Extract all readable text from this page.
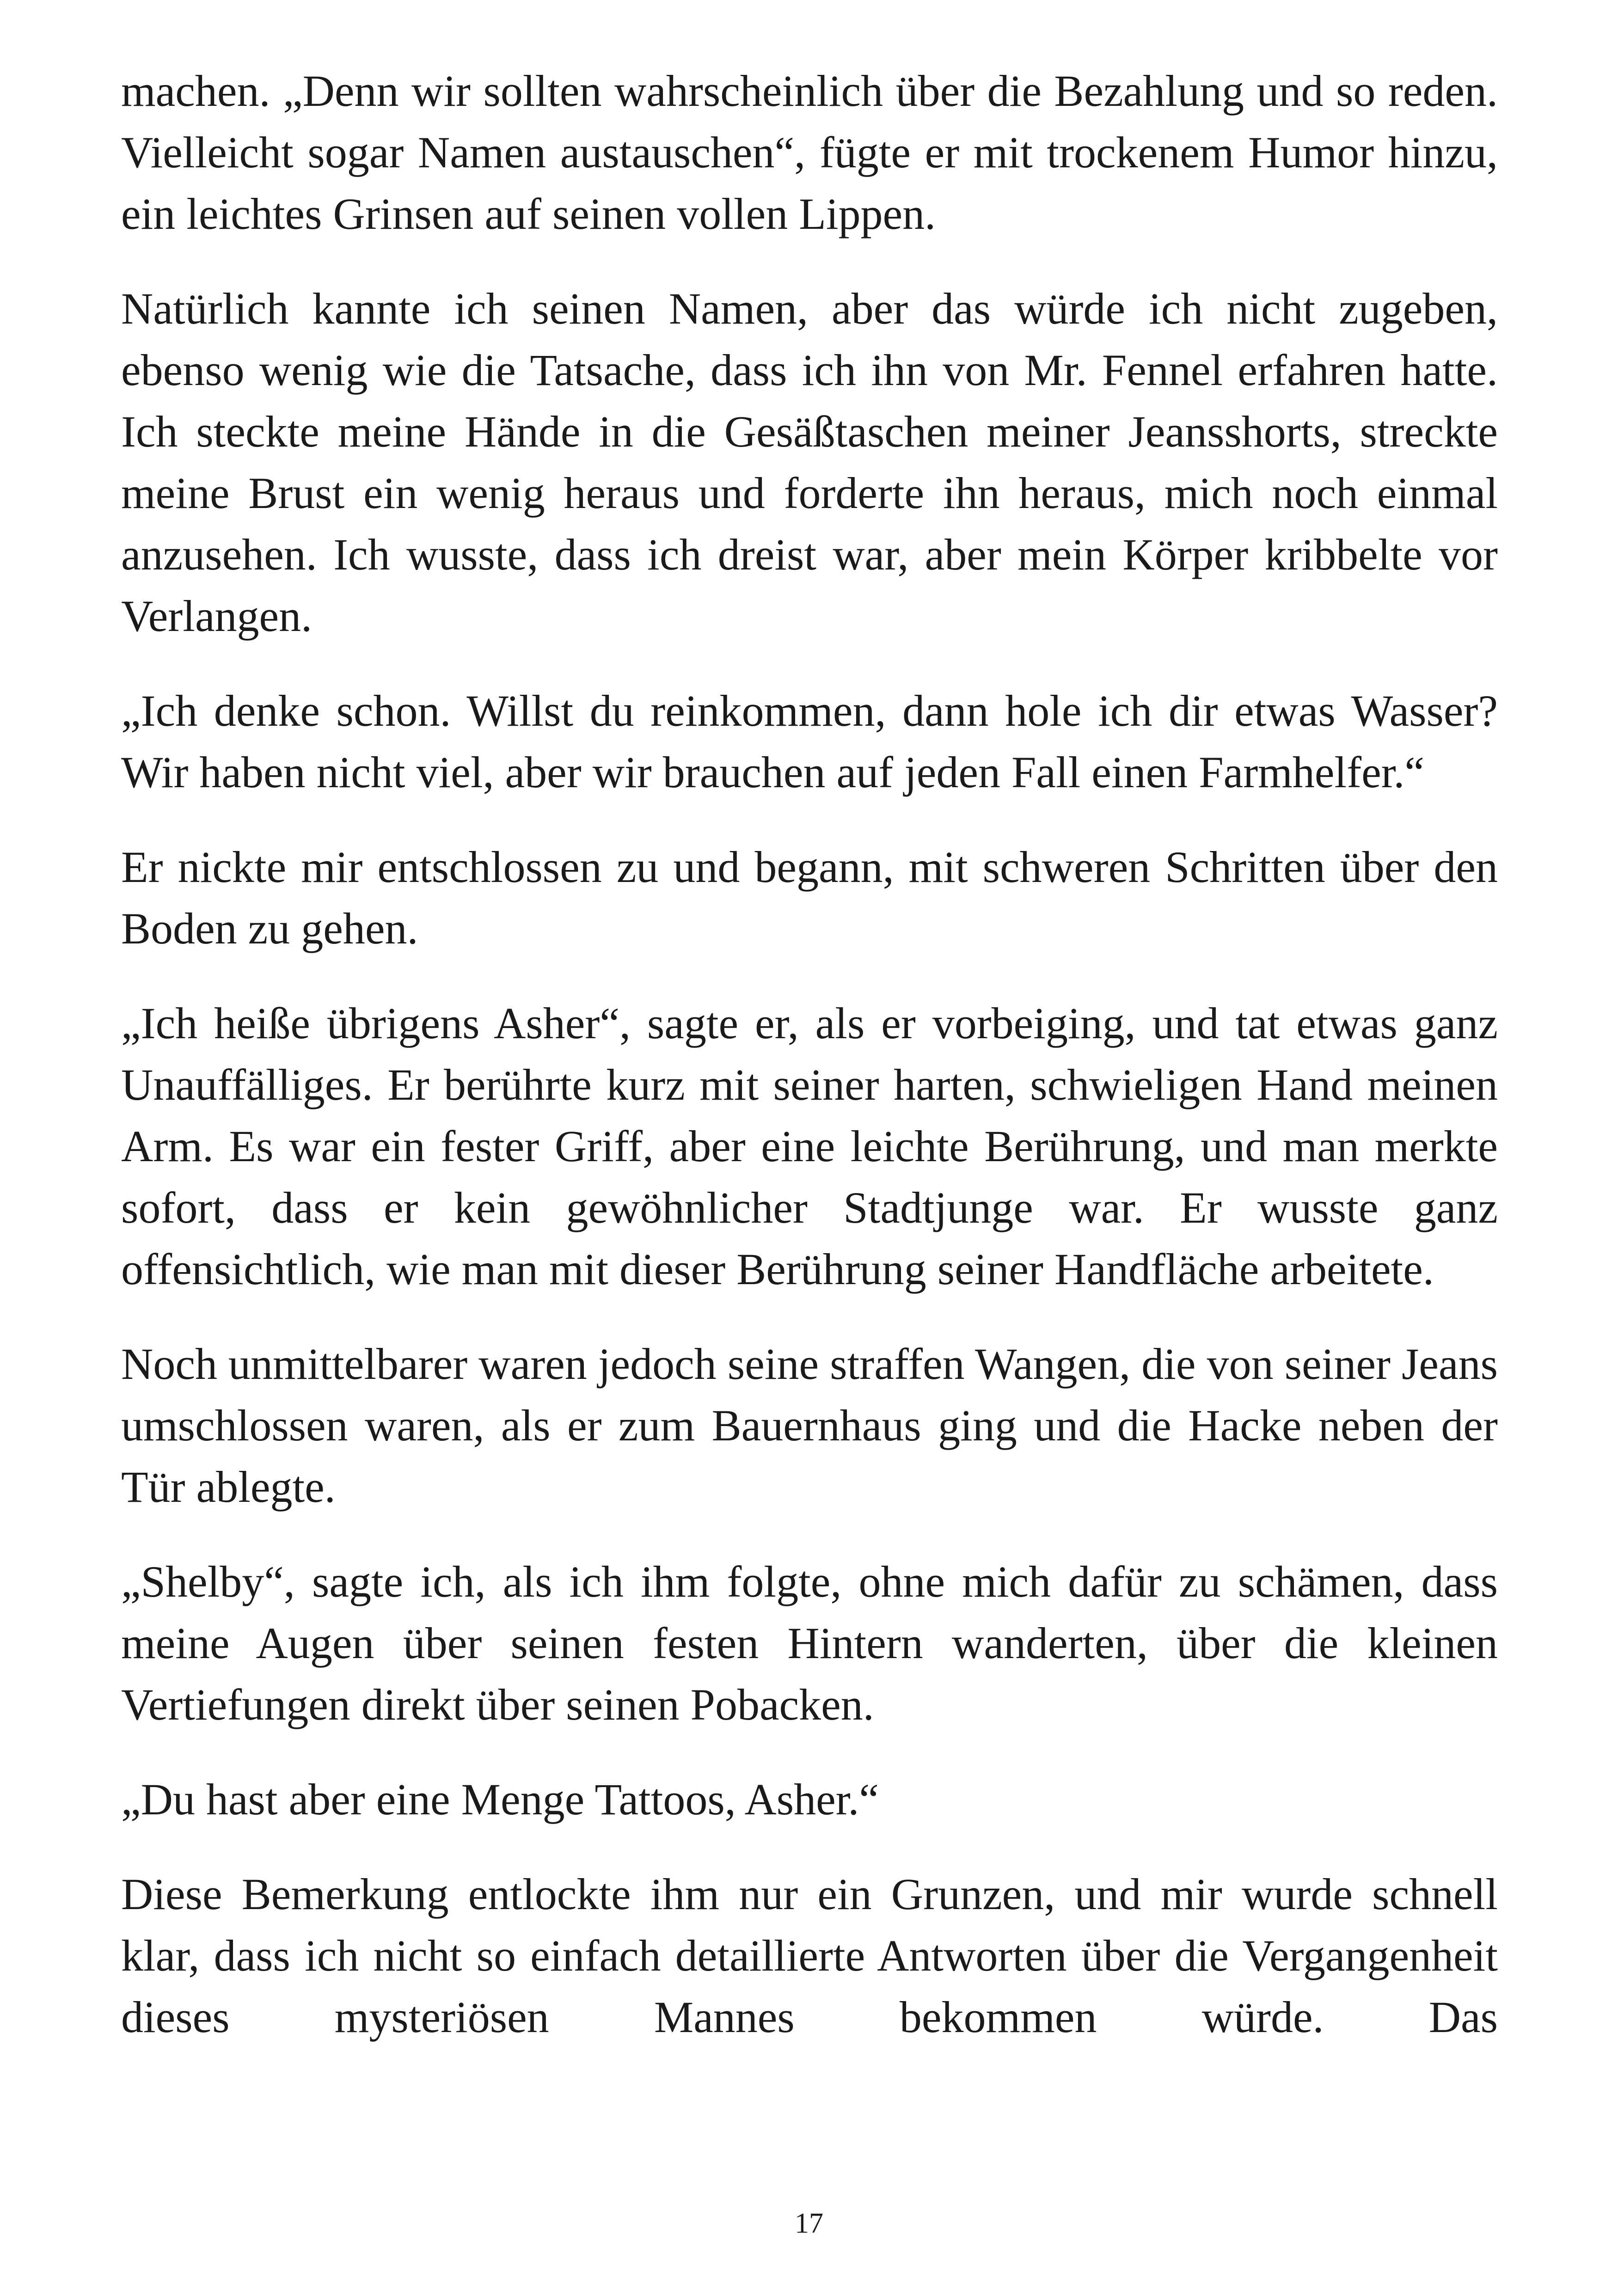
machen. „Denn wir sollten wahrscheinlich über die Bezahlung und so reden. Vielleicht sogar Namen austauschen“, fügte er mit trockenem Humor hinzu, ein leichtes Grinsen auf seinen vollen Lippen.

Natürlich kannte ich seinen Namen, aber das würde ich nicht zugeben, ebenso wenig wie die Tatsache, dass ich ihn von Mr. Fennel erfahren hatte. Ich steckte meine Hände in die Gesäßtaschen meiner Jeansshorts, streckte meine Brust ein wenig heraus und forderte ihn heraus, mich noch einmal anzusehen. Ich wusste, dass ich dreist war, aber mein Körper kribbelte vor Verlangen.

„Ich denke schon. Willst du reinkommen, dann hole ich dir etwas Wasser? Wir haben nicht viel, aber wir brauchen auf jeden Fall einen Farmhelfer.“

Er nickte mir entschlossen zu und begann, mit schweren Schritten über den Boden zu gehen.

„Ich heiße übrigens Asher“, sagte er, als er vorbeiging, und tat etwas ganz Unauffälliges. Er berührte kurz mit seiner harten, schwieligen Hand meinen Arm. Es war ein fester Griff, aber eine leichte Berührung, und man merkte sofort, dass er kein gewöhnlicher Stadtjunge war. Er wusste ganz offensichtlich, wie man mit dieser Berührung seiner Handfläche arbeitete.

Noch unmittelbarer waren jedoch seine straffen Wangen, die von seiner Jeans umschlossen waren, als er zum Bauernhaus ging und die Hacke neben der Tür ablegte.

„Shelby“, sagte ich, als ich ihm folgte, ohne mich dafür zu schämen, dass meine Augen über seinen festen Hintern wanderten, über die kleinen Vertiefungen direkt über seinen Pobacken.

„Du hast aber eine Menge Tattoos, Asher.“

Diese Bemerkung entlockte ihm nur ein Grunzen, und mir wurde schnell klar, dass ich nicht so einfach detaillierte Antworten über die Vergangenheit dieses mysteriösen Mannes bekommen würde. Das

17
